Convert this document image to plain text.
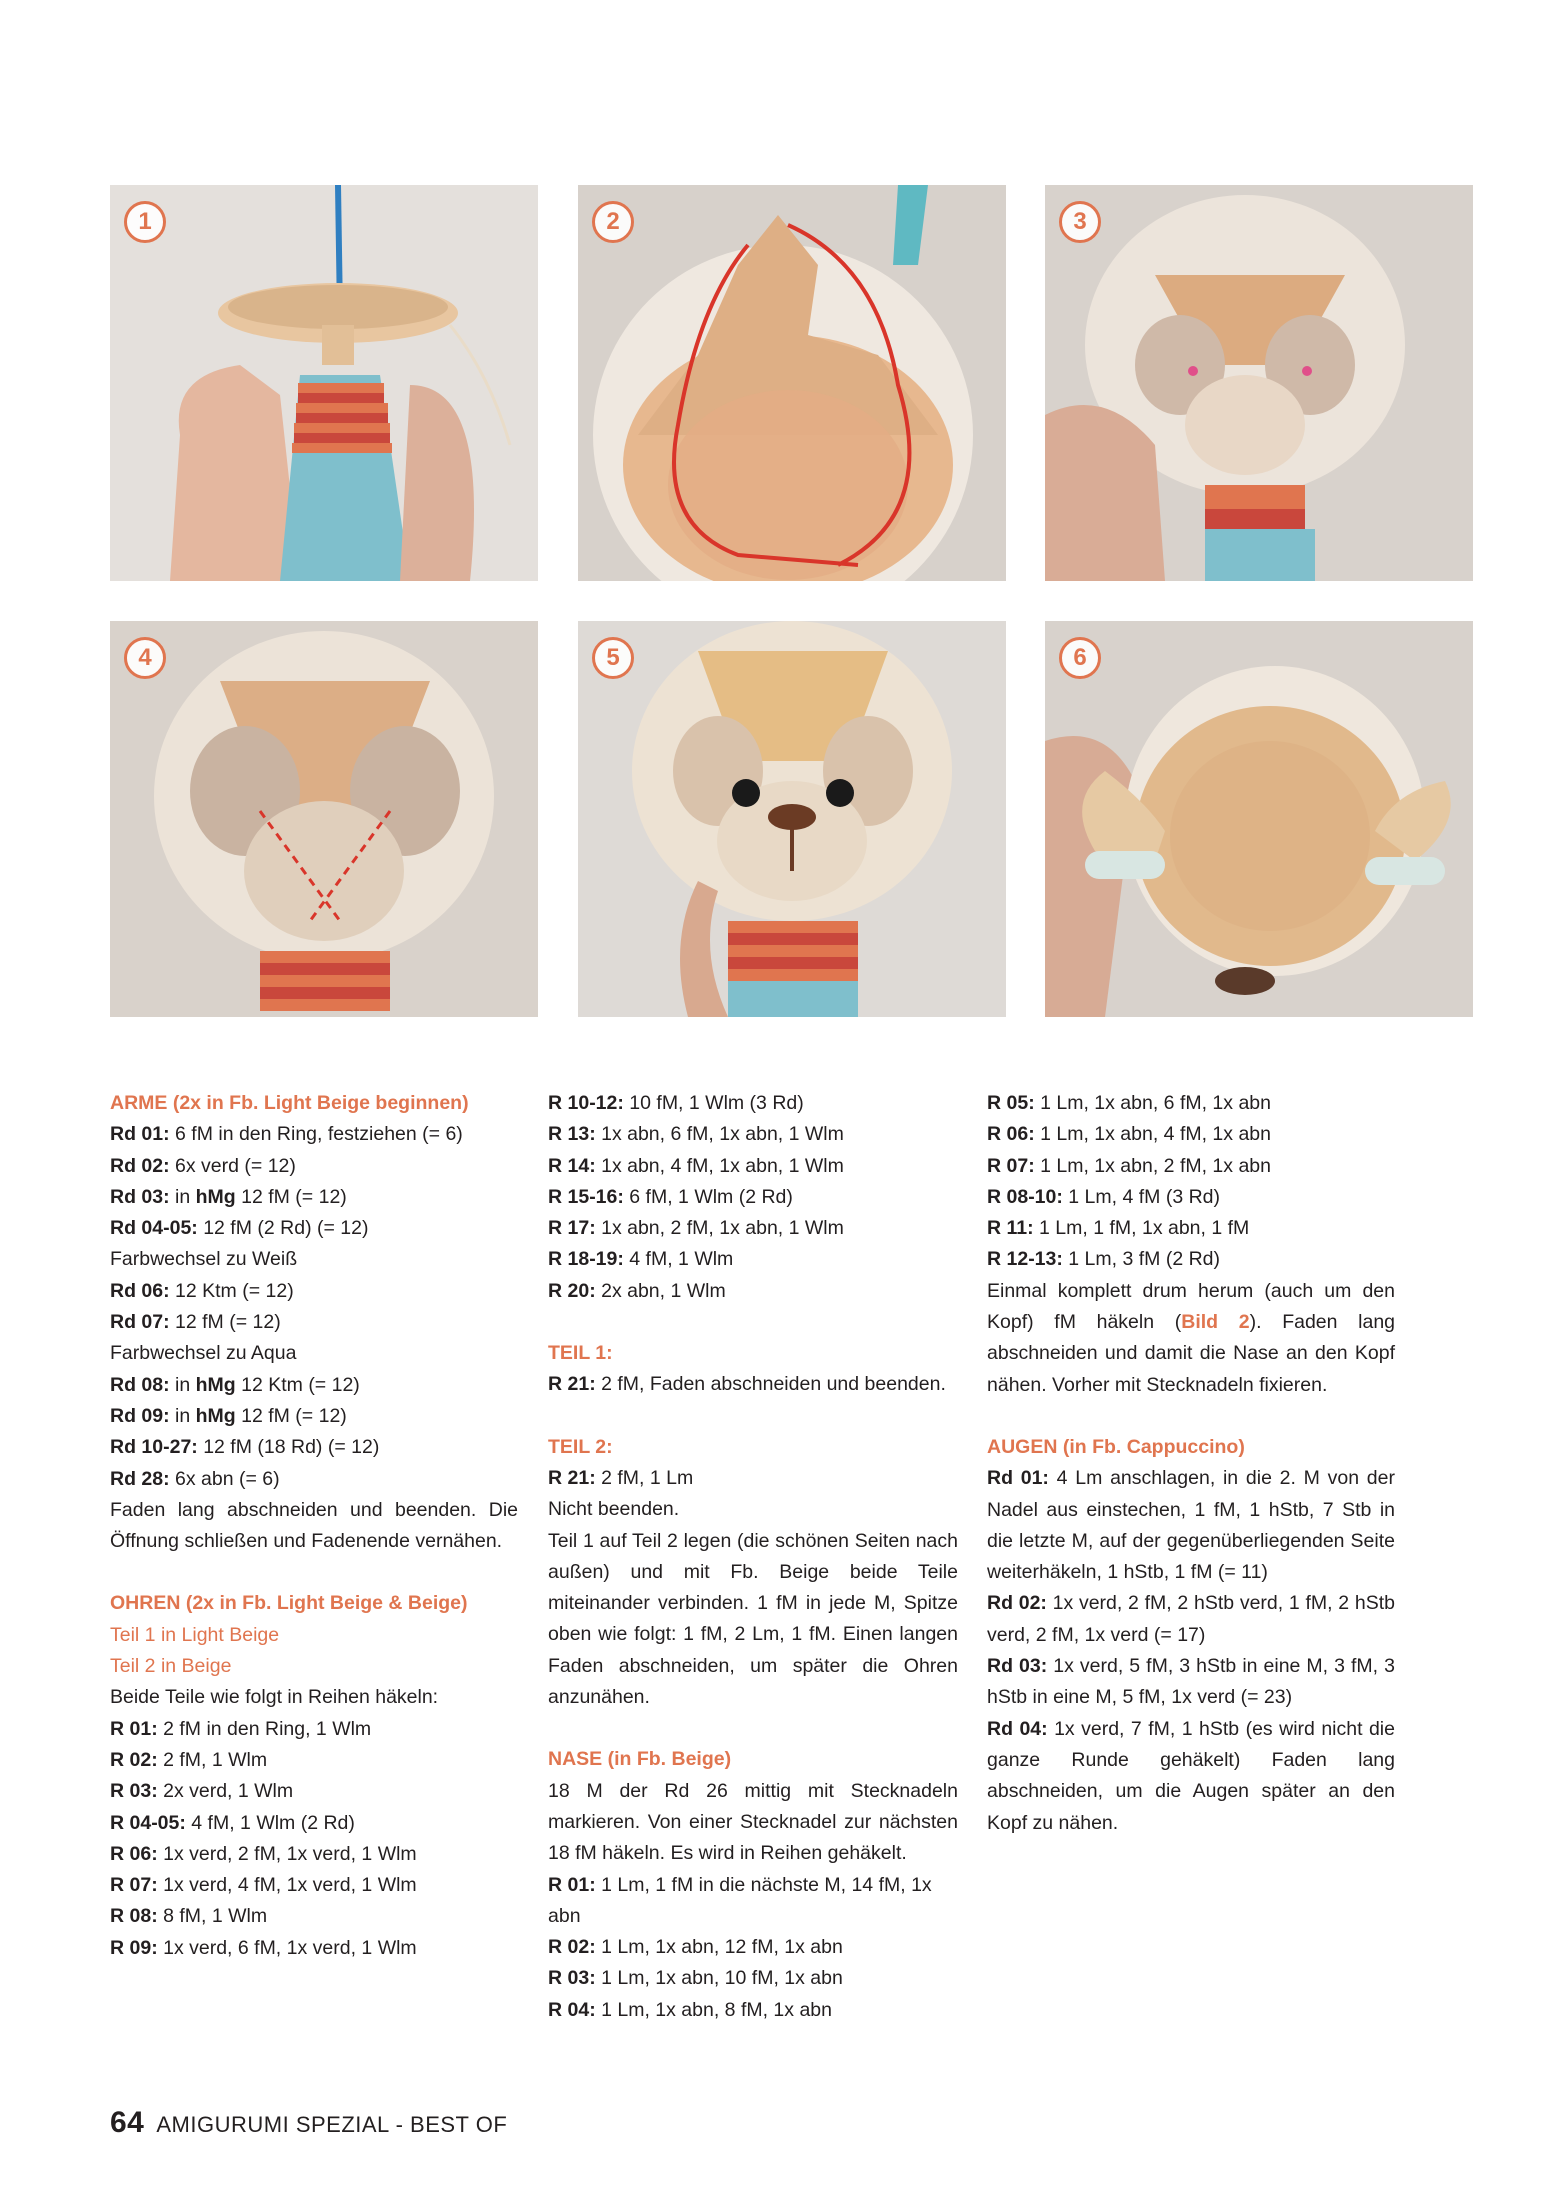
1	2	3
4	5	6

ARME (2x in Fb. Light Beige beginnen)

Rd 01: 6 fM in den Ring, festziehen (= 6)

Rd 02: 6x verd (= 12)

Rd 03: in hMg 12 fM (= 12)

Rd 04-05: 12 fM (2 Rd) (= 12)

Farbwechsel zu Weiß

Rd 06: 12 Ktm (= 12)

Rd 07: 12 fM (= 12)

Farbwechsel zu Aqua

Rd 08: in hMg 12 Ktm (= 12)

Rd 09: in hMg 12 fM (= 12)

Rd 10-27: 12 fM (18 Rd) (= 12)

Rd 28: 6x abn (= 6)

Faden lang abschneiden und beenden. Die Öffnung schließen und Fadenende vernähen.

OHREN (2x in Fb. Light Beige & Beige)

Teil 1 in Light Beige

Teil 2 in Beige

Beide Teile wie folgt in Reihen häkeln:

R 01: 2 fM in den Ring, 1 Wlm

R 02: 2 fM, 1 Wlm

R 03: 2x verd, 1 Wlm

R 04-05: 4 fM, 1 Wlm (2 Rd)

R 06: 1x verd, 2 fM, 1x verd, 1 Wlm

R 07: 1x verd, 4 fM, 1x verd, 1 Wlm

R 08: 8 fM, 1 Wlm

R 09: 1x verd, 6 fM, 1x verd, 1 Wlm

R 10-12: 10 fM, 1 Wlm (3 Rd)

R 13: 1x abn, 6 fM, 1x abn, 1 Wlm

R 14: 1x abn, 4 fM, 1x abn, 1 Wlm

R 15-16: 6 fM, 1 Wlm (2 Rd)

R 17: 1x abn, 2 fM, 1x abn, 1 Wlm

R 18-19: 4 fM, 1 Wlm

R 20: 2x abn, 1 Wlm

TEIL 1:

R 21: 2 fM, Faden abschneiden und beenden.

TEIL 2:

R 21: 2 fM, 1 Lm

Nicht beenden.

Teil 1 auf Teil 2 legen (die schönen Seiten nach außen) und mit Fb. Beige beide Teile miteinander verbinden. 1 fM in jede M, Spitze oben wie folgt: 1 fM, 2 Lm, 1 fM. Einen langen Faden abschneiden, um später die Ohren anzunähen.

NASE (in Fb. Beige)

18 M der Rd 26 mittig mit Stecknadeln markieren. Von einer Stecknadel zur nächsten 18 fM häkeln. Es wird in Reihen gehäkelt.

R 01: 1 Lm, 1 fM in die nächste M, 14 fM, 1x abn

R 02: 1 Lm, 1x abn, 12 fM, 1x abn

R 03: 1 Lm, 1x abn, 10 fM, 1x abn

R 04: 1 Lm, 1x abn, 8 fM, 1x abn

R 05: 1 Lm, 1x abn, 6 fM, 1x abn

R 06: 1 Lm, 1x abn, 4 fM, 1x abn

R 07: 1 Lm, 1x abn, 2 fM, 1x abn

R 08-10: 1 Lm, 4 fM (3 Rd)

R 11: 1 Lm, 1 fM, 1x abn, 1 fM

R 12-13: 1 Lm, 3 fM (2 Rd)

Einmal komplett drum herum (auch um den Kopf) fM häkeln (Bild 2). Faden lang abschneiden und damit die Nase an den Kopf nähen. Vorher mit Stecknadeln fixieren.

AUGEN (in Fb. Cappuccino)

Rd 01: 4 Lm anschlagen, in die 2. M von der Nadel aus einstechen, 1 fM, 1 hStb, 7 Stb in die letzte M, auf der gegenüberliegenden Seite weiterhäkeln, 1 hStb, 1 fM (= 11)

Rd 02: 1x verd, 2 fM, 2 hStb verd, 1 fM, 2 hStb verd, 2 fM, 1x verd (= 17)

Rd 03: 1x verd, 5 fM, 3 hStb in eine M, 3 fM, 3 hStb in eine M, 5 fM, 1x verd (= 23)

Rd 04: 1x verd, 7 fM, 1 hStb (es wird nicht die ganze Runde gehäkelt) Faden lang abschneiden, um die Augen später an den Kopf zu nähen.

64 AMIGURUMI SPEZIAL - BEST OF
